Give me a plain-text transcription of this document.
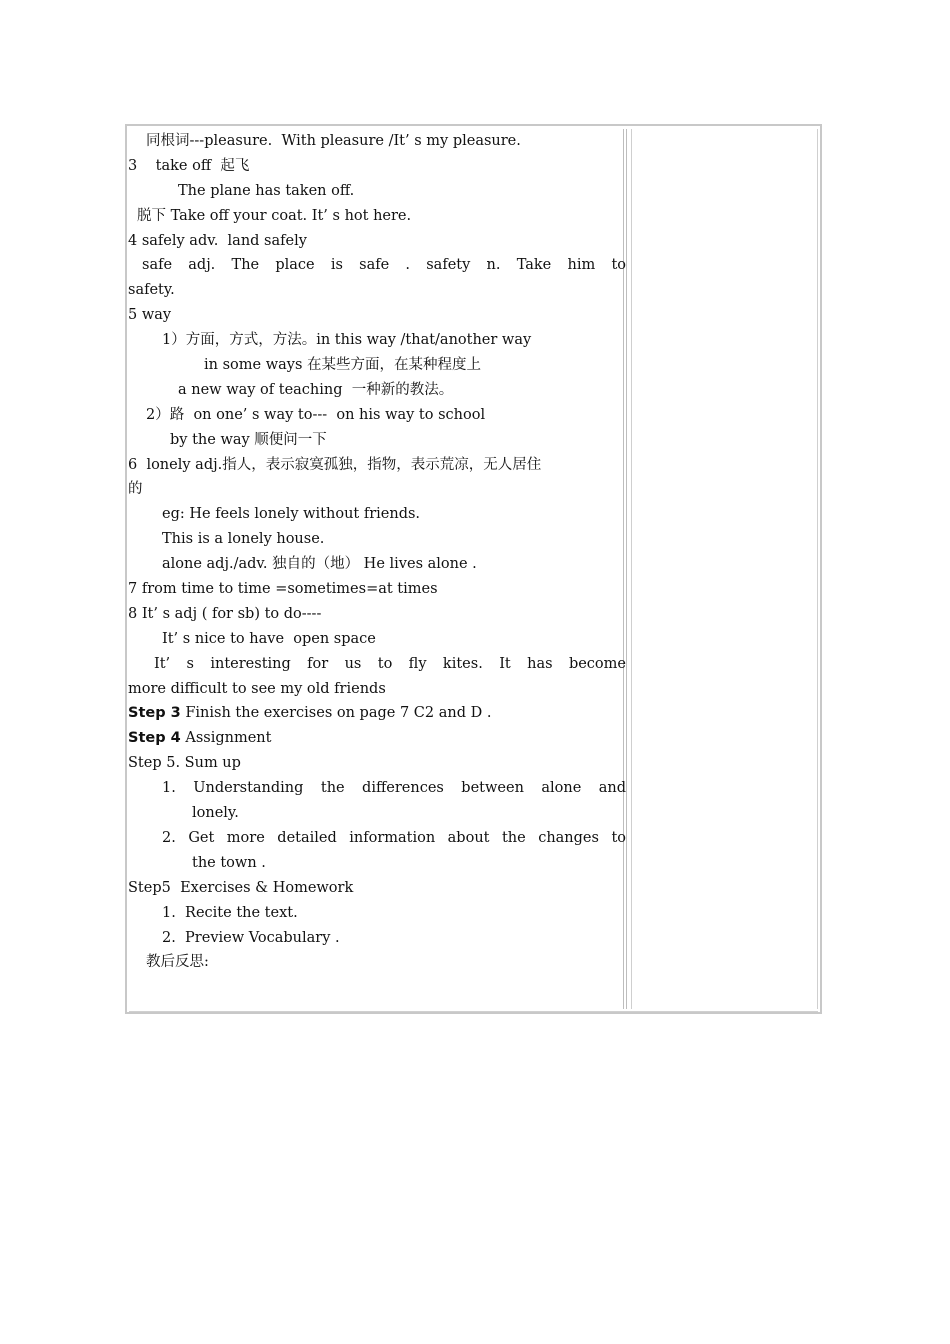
同根词---pleasure.  With pleasure /It’ s my pleasure.
3    take off  起飞
The plane has taken off.
脱下 Take off your coat. It’ s hot here.
4 safely adv.  land safely
safe adj. The place is safe . safety n. Take him to
safety.
5 way
1）方面，方式，方法。in this way /that/another way
in some ways 在某些方面，在某种程度上
a new way of teaching  一种新的教法。
2）路  on one’ s way to---  on his way to school
by the way 顺便问一下
6  lonely adj.指人，表示寂寞孤独，指物，表示荒凉，无人居住
的
eg: He feels lonely without friends.
This is a lonely house.
alone adj./adv. 独自的（地） He lives alone .
7 from time to time =sometimes=at times
8 It’ s adj ( for sb) to do----
It’ s nice to have  open space
It’ s interesting for us to fly kites. It has become
more difficult to see my old friends
Step 3 Finish the exercises on page 7 C2 and D .
Step 4 Assignment
Step 5. Sum up
1. Understanding the differences between alone and
lonely.
2. Get more detailed information about the changes to
the town .
Step5  Exercises & Homework
1.  Recite the text.
2.  Preview Vocabulary .
教后反思:
